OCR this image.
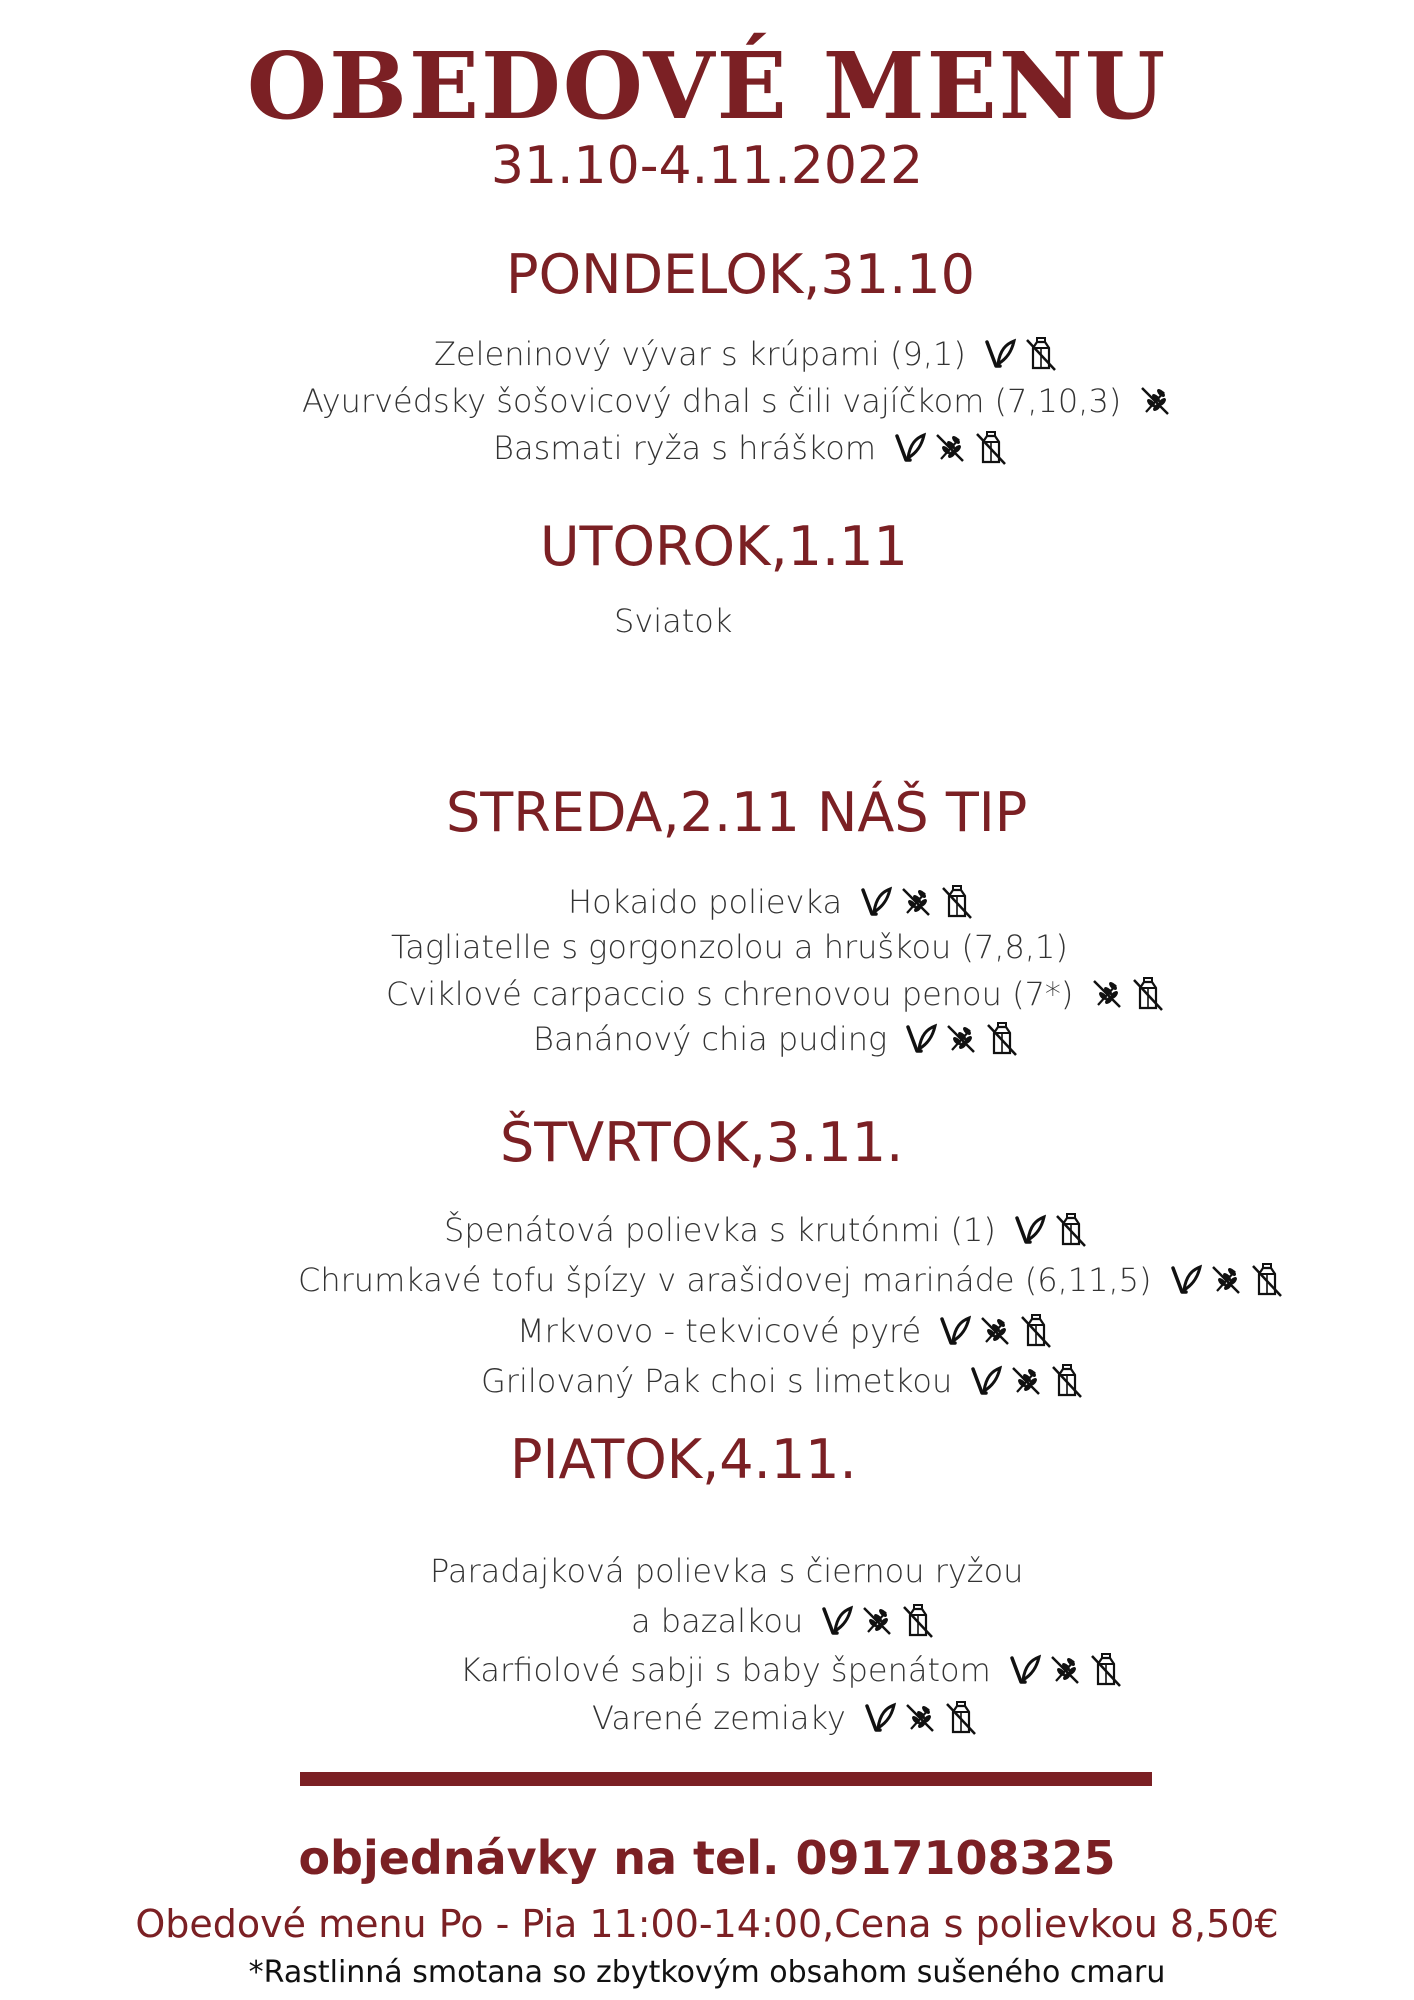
OBEDOVÉ MENU
31.10-4.11.2022
PONDELOK,31.10
Zeleninový vývar s krúpami (9,1)
Ayurvédsky šošovicový dhal s čili vajíčkom (7,10,3)
Basmati ryža s hráškom
UTOROK,1.11
Sviatok
STREDA,2.11 NÁŠ TIP
Hokaido polievka
Tagliatelle s gorgonzolou a hruškou (7,8,1)
Cviklové carpaccio s chrenovou penou (7*)
Banánový chia puding
ŠTVRTOK,3.11.
Špenátová polievka s krutónmi (1)
Chrumkavé tofu špízy v arašidovej marináde (6,11,5)
Mrkvovo - tekvicové pyré
Grilovaný Pak choi s limetkou
PIATOK,4.11.
Paradajková polievka s čiernou ryžou
a bazalkou
Karfiolové sabji s baby špenátom
Varené zemiaky
objednávky na tel. 0917108325
Obedové menu Po - Pia 11:00-14:00,Cena s polievkou 8,50€
*Rastlinná smotana so zbytkovým obsahom sušeného cmaru
